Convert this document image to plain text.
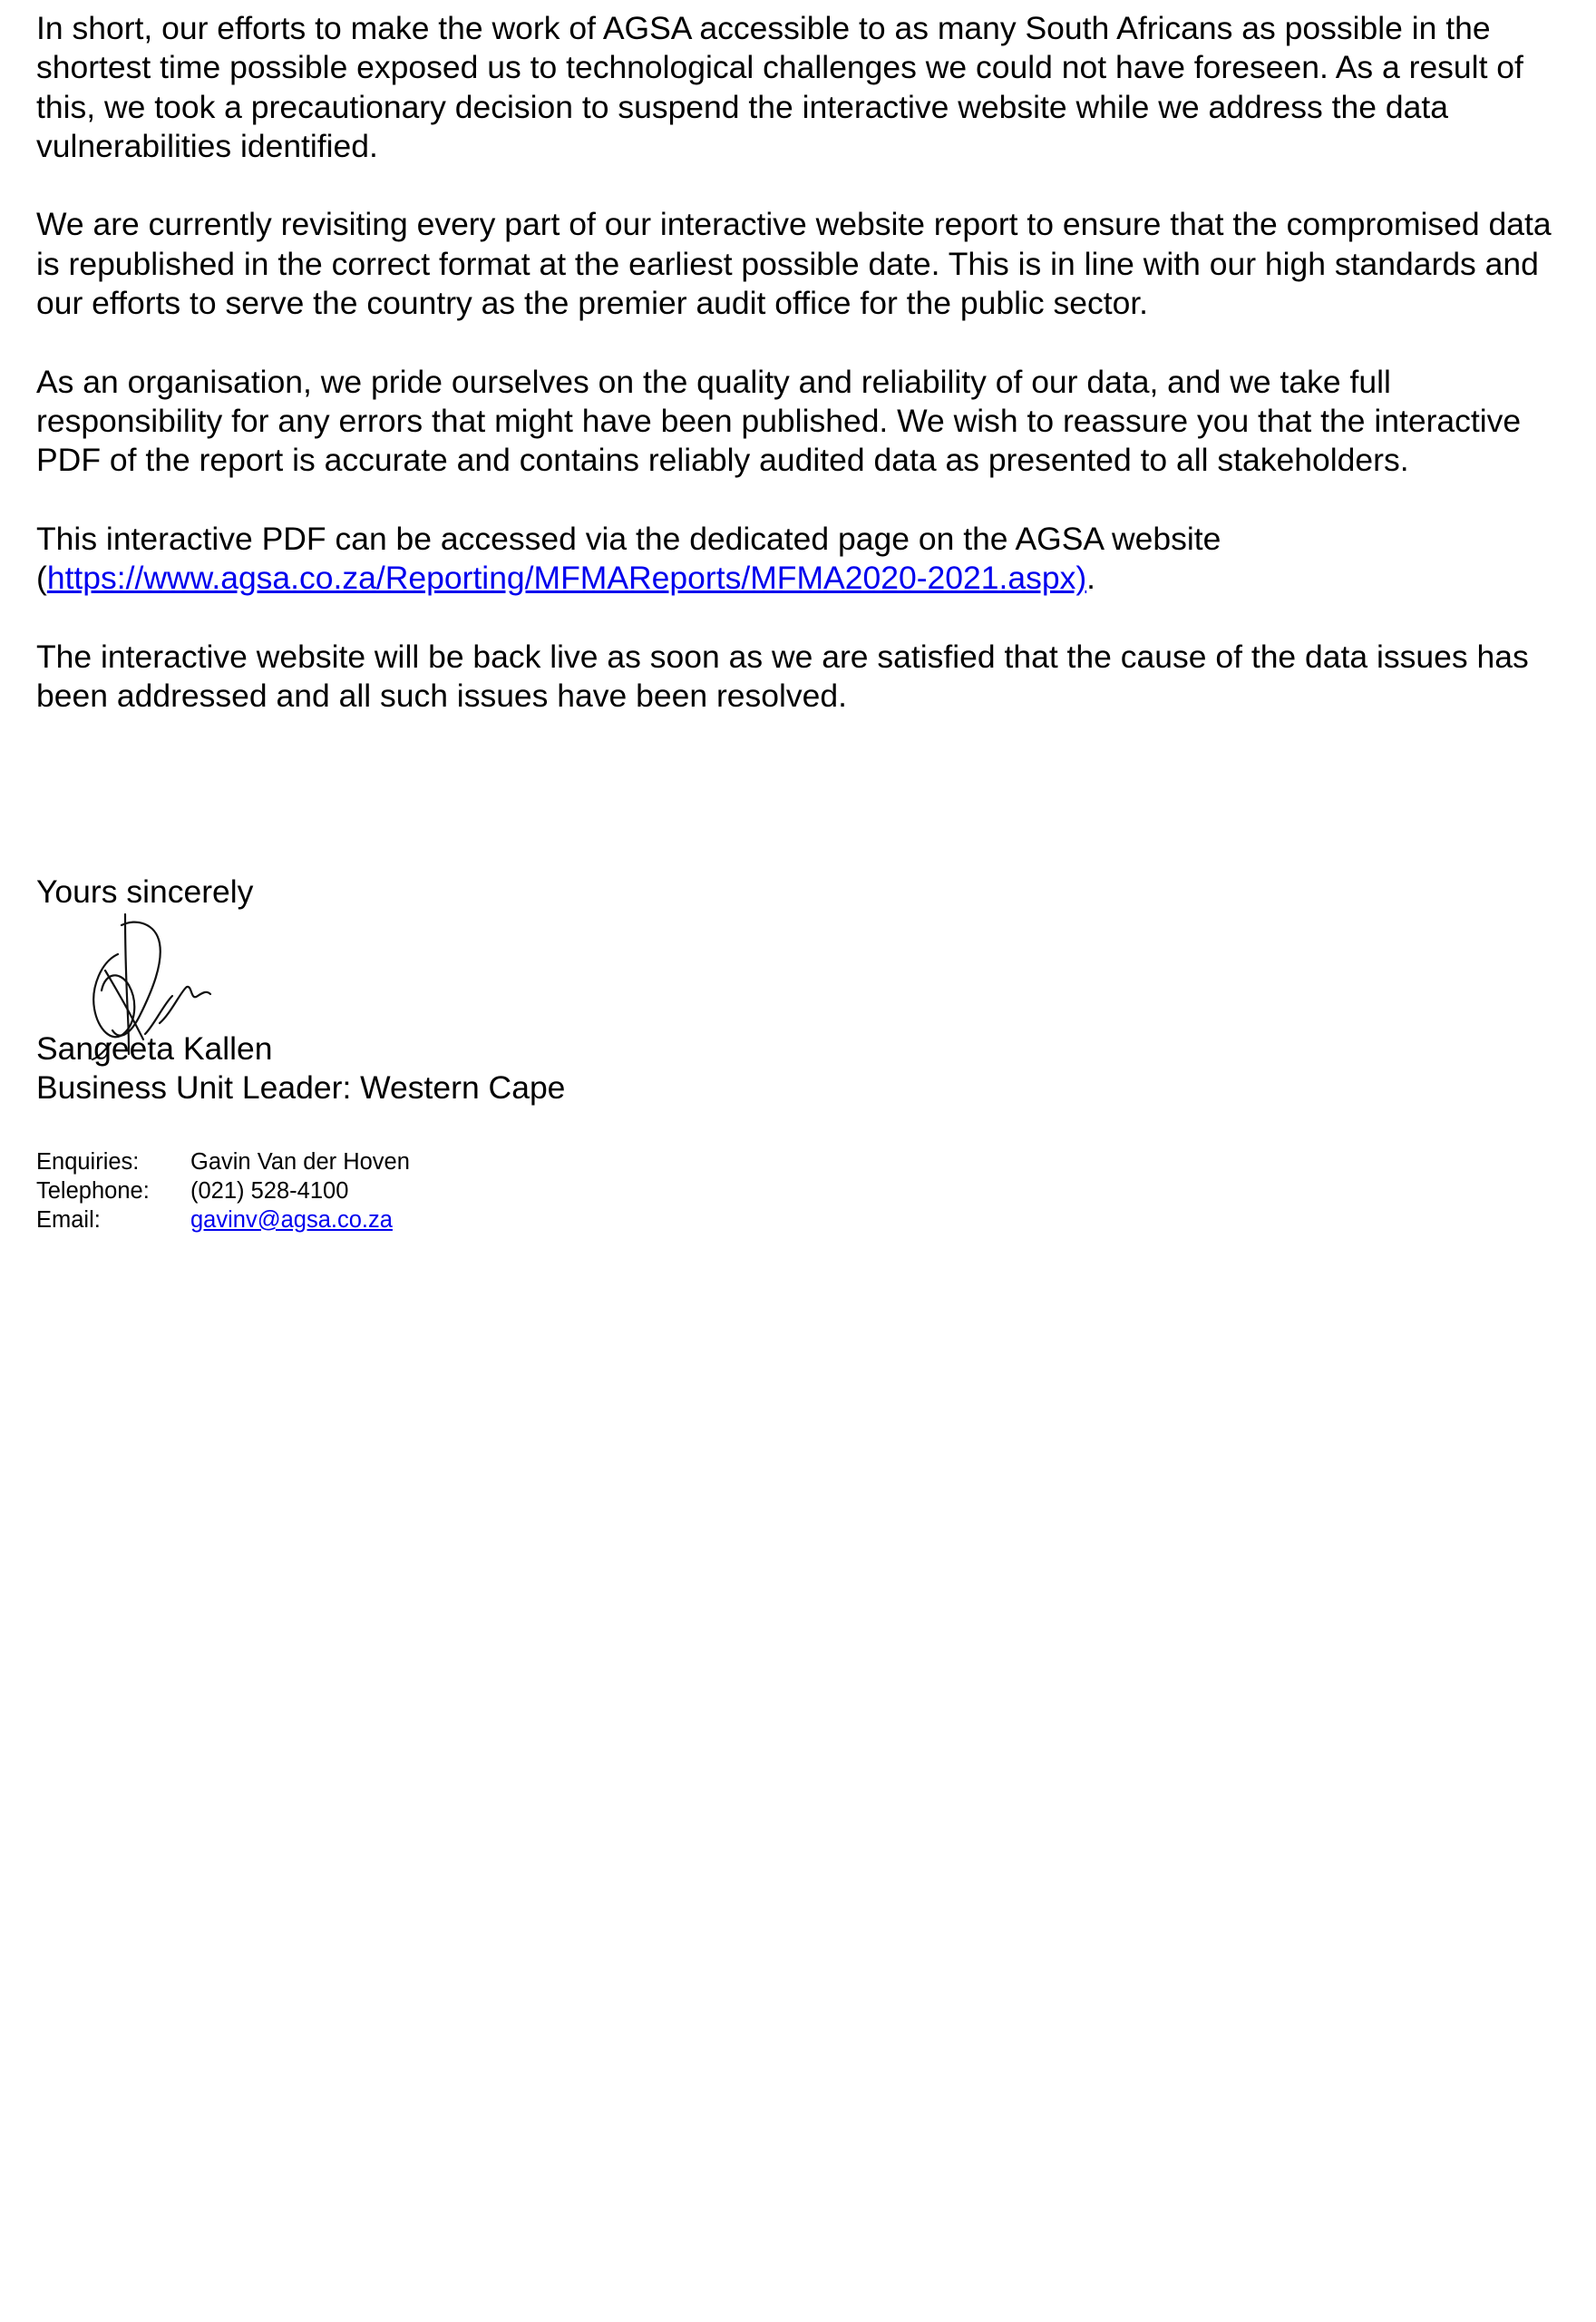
In short, our efforts to make the work of AGSA accessible to as many South Africans as possible in the shortest time possible exposed us to technological challenges we could not have foreseen. As a result of this, we took a precautionary decision to suspend the interactive website while we address the data vulnerabilities identified.

We are currently revisiting every part of our interactive website report to ensure that the compromised data is republished in the correct format at the earliest possible date. This is in line with our high standards and our efforts to serve the country as the premier audit office for the public sector.

As an organisation, we pride ourselves on the quality and reliability of our data, and we take full responsibility for any errors that might have been published. We wish to reassure you that the interactive PDF of the report is accurate and contains reliably audited data as presented to all stakeholders.

This interactive PDF can be accessed via the dedicated page on the AGSA website (https://www.agsa.co.za/Reporting/MFMAReports/MFMA2020-2021.aspx).

The interactive website will be back live as soon as we are satisfied that the cause of the data issues has been addressed and all such issues have been resolved.

Yours sincerely

Sangeeta Kallen
Business Unit Leader: Western Cape
Enquiries:	Gavin Van der Hoven
Telephone:	(021) 528-4100
Email:	gavinv@agsa.co.za
